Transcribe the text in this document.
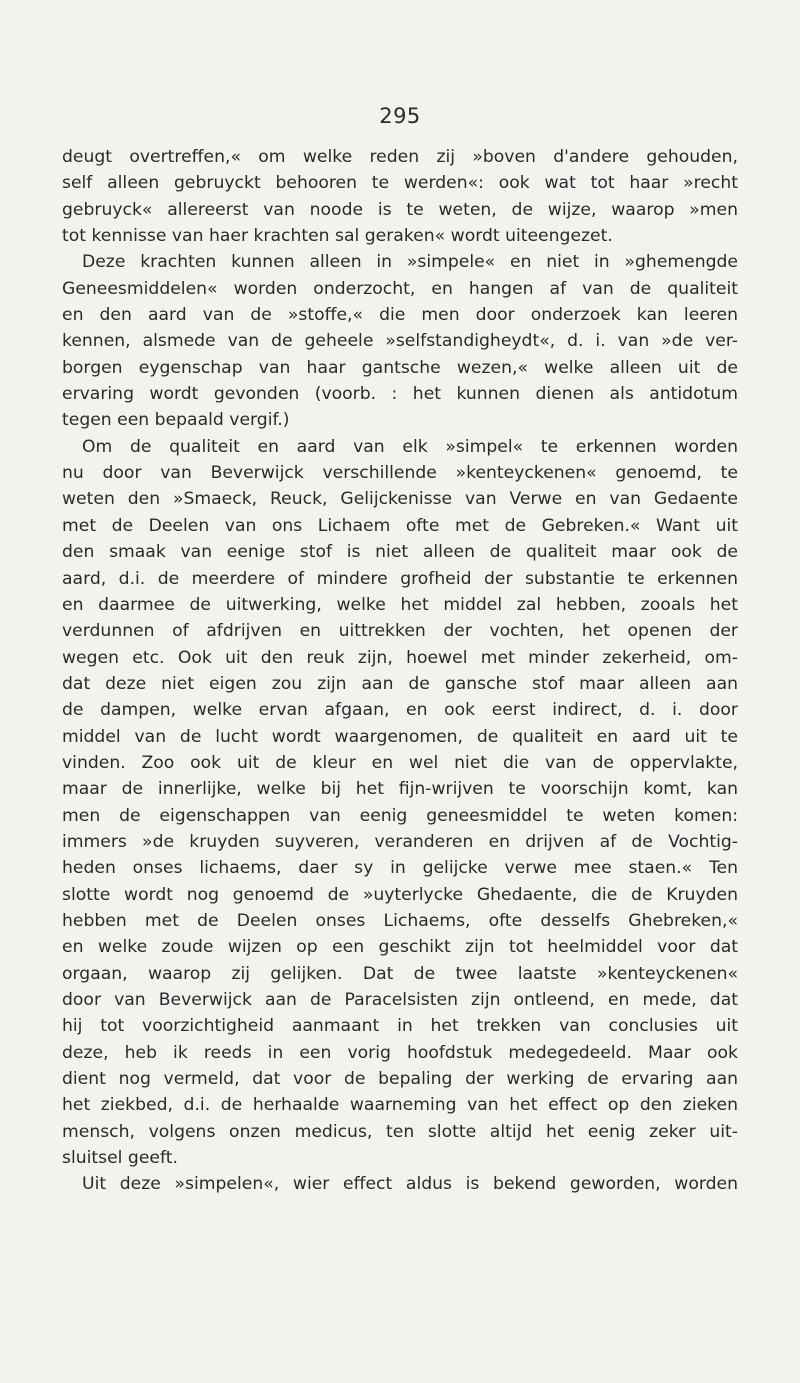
295
deugt overtreffen,« om welke reden zij »boven d'andere gehouden,
self alleen gebruyckt behooren te werden«: ook wat tot haar »recht
gebruyck« allereerst van noode is te weten, de wijze, waarop »men
tot kennisse van haer krachten sal geraken« wordt uiteengezet.
Deze krachten kunnen alleen in »simpele« en niet in »ghemengde
Geneesmiddelen« worden onderzocht, en hangen af van de qualiteit
en den aard van de »stoffe,« die men door onderzoek kan leeren
kennen, alsmede van de geheele »selfstandigheydt«, d. i. van »de ver-
borgen eygenschap van haar gantsche wezen,« welke alleen uit de
ervaring wordt gevonden (voorb. : het kunnen dienen als antidotum
tegen een bepaald vergif.)
Om de qualiteit en aard van elk »simpel« te erkennen worden
nu door van Beverwijck verschillende »kenteyckenen« genoemd, te
weten den »Smaeck, Reuck, Gelijckenisse van Verwe en van Gedaente
met de Deelen van ons Lichaem ofte met de Gebreken.« Want uit
den smaak van eenige stof is niet alleen de qualiteit maar ook de
aard, d.i. de meerdere of mindere grofheid der substantie te erkennen
en daarmee de uitwerking, welke het middel zal hebben, zooals het
verdunnen of afdrijven en uittrekken der vochten, het openen der
wegen etc. Ook uit den reuk zijn, hoewel met minder zekerheid, om-
dat deze niet eigen zou zijn aan de gansche stof maar alleen aan
de dampen, welke ervan afgaan, en ook eerst indirect, d. i. door
middel van de lucht wordt waargenomen, de qualiteit en aard uit te
vinden. Zoo ook uit de kleur en wel niet die van de oppervlakte,
maar de innerlijke, welke bij het fijn-wrijven te voorschijn komt, kan
men de eigenschappen van eenig geneesmiddel te weten komen:
immers »de kruyden suyveren, veranderen en drijven af de Vochtig-
heden onses lichaems, daer sy in gelijcke verwe mee staen.« Ten
slotte wordt nog genoemd de »uyterlycke Ghedaente, die de Kruyden
hebben met de Deelen onses Lichaems, ofte desselfs Ghebreken,«
en welke zoude wijzen op een geschikt zijn tot heelmiddel voor dat
orgaan, waarop zij gelijken. Dat de twee laatste »kenteyckenen«
door van Beverwijck aan de Paracelsisten zijn ontleend, en mede, dat
hij tot voorzichtigheid aanmaant in het trekken van conclusies uit
deze, heb ik reeds in een vorig hoofdstuk medegedeeld. Maar ook
dient nog vermeld, dat voor de bepaling der werking de ervaring aan
het ziekbed, d.i. de herhaalde waarneming van het effect op den zieken
mensch, volgens onzen medicus, ten slotte altijd het eenig zeker uit-
sluitsel geeft.
Uit deze »simpelen«, wier effect aldus is bekend geworden, worden
